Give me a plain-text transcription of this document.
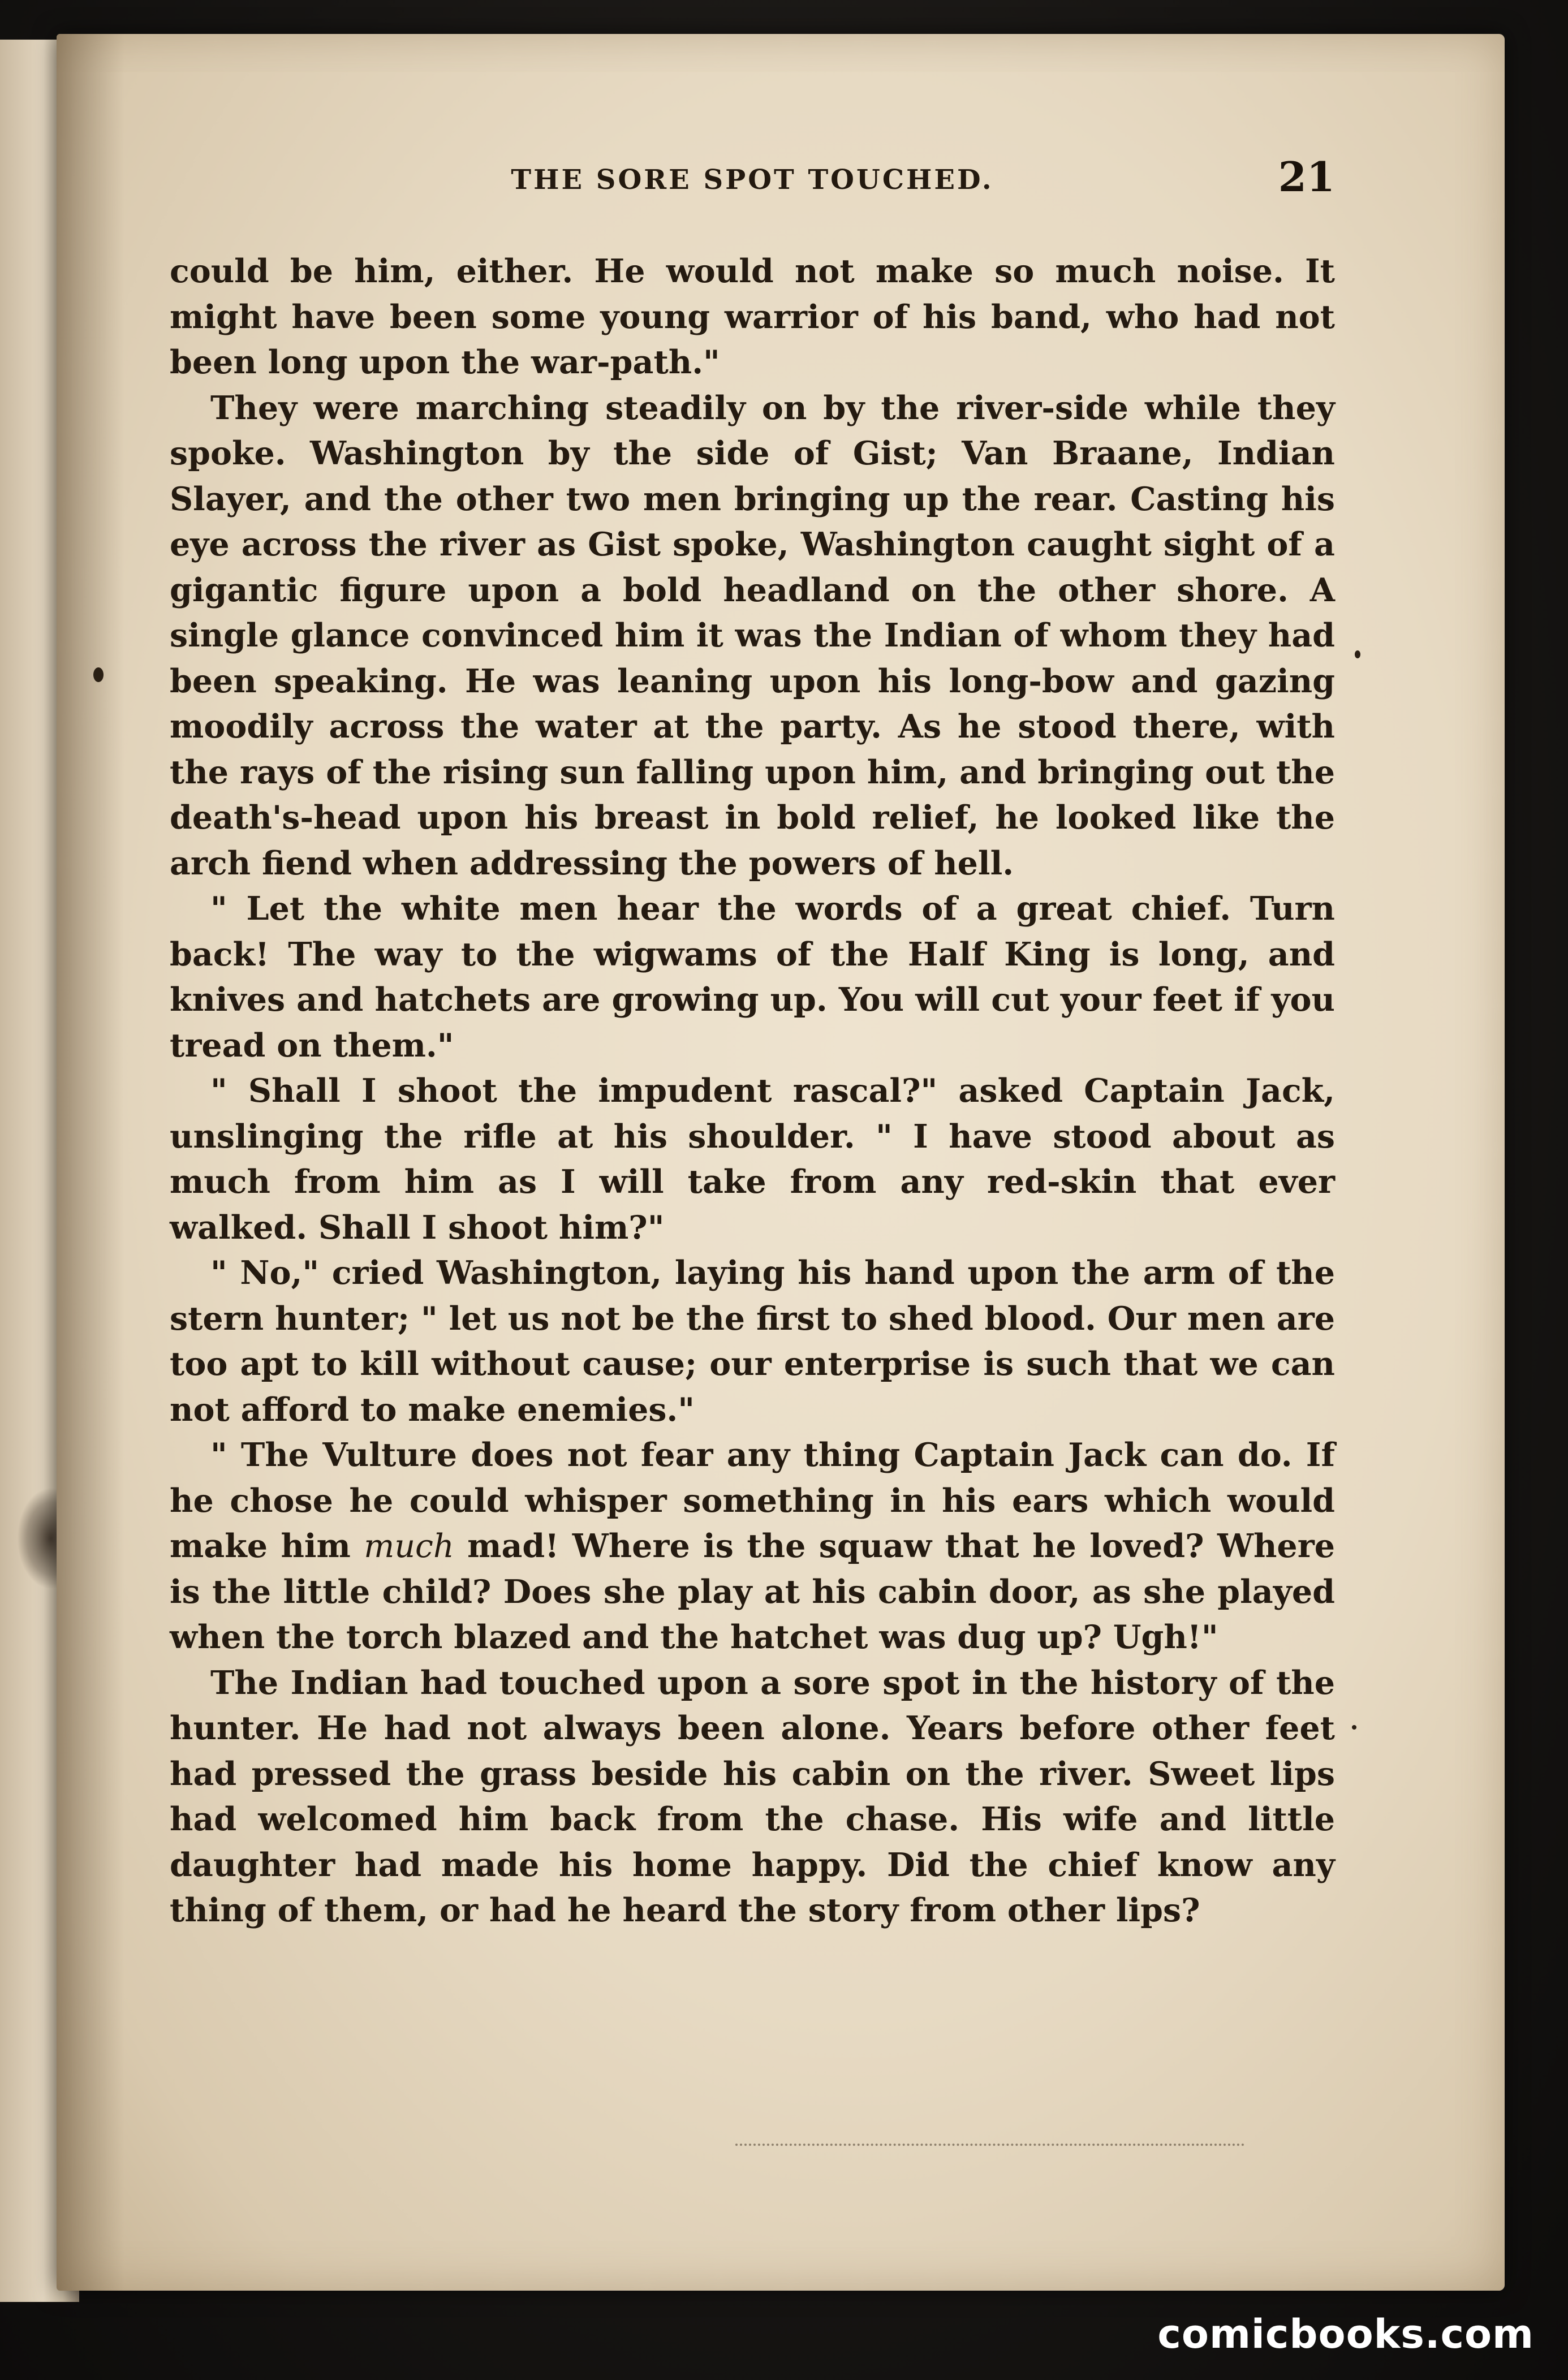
THE SORE SPOT TOUCHED.	21

could be him, either. He would not make so much noise. It might have been some young warrior of his band, who had not been long upon the war-path."

They were marching steadily on by the river-side while they spoke. Washington by the side of Gist; Van Braane, Indian Slayer, and the other two men bringing up the rear. Casting his eye across the river as Gist spoke, Washington caught sight of a gigantic figure upon a bold headland on the other shore. A single glance convinced him it was the Indian of whom they had been speaking. He was leaning upon his long-bow and gazing moodily across the water at the party. As he stood there, with the rays of the rising sun falling upon him, and bringing out the death's-head upon his breast in bold relief, he looked like the arch fiend when addressing the powers of hell.

" Let the white men hear the words of a great chief. Turn back! The way to the wigwams of the Half King is long, and knives and hatchets are growing up. You will cut your feet if you tread on them."

" Shall I shoot the impudent rascal?" asked Captain Jack, unslinging the rifle at his shoulder. " I have stood about as much from him as I will take from any red-skin that ever walked. Shall I shoot him?"

" No," cried Washington, laying his hand upon the arm of the stern hunter; " let us not be the first to shed blood. Our men are too apt to kill without cause; our enterprise is such that we can not afford to make enemies."

" The Vulture does not fear any thing Captain Jack can do. If he chose he could whisper something in his ears which would make him much mad! Where is the squaw that he loved? Where is the little child? Does she play at his cabin door, as she played when the torch blazed and the hatchet was dug up? Ugh!"

The Indian had touched upon a sore spot in the history of the hunter. He had not always been alone. Years before other feet had pressed the grass beside his cabin on the river. Sweet lips had welcomed him back from the chase. His wife and little daughter had made his home happy. Did the chief know any thing of them, or had he heard the story from other lips?

comicbooks.com
